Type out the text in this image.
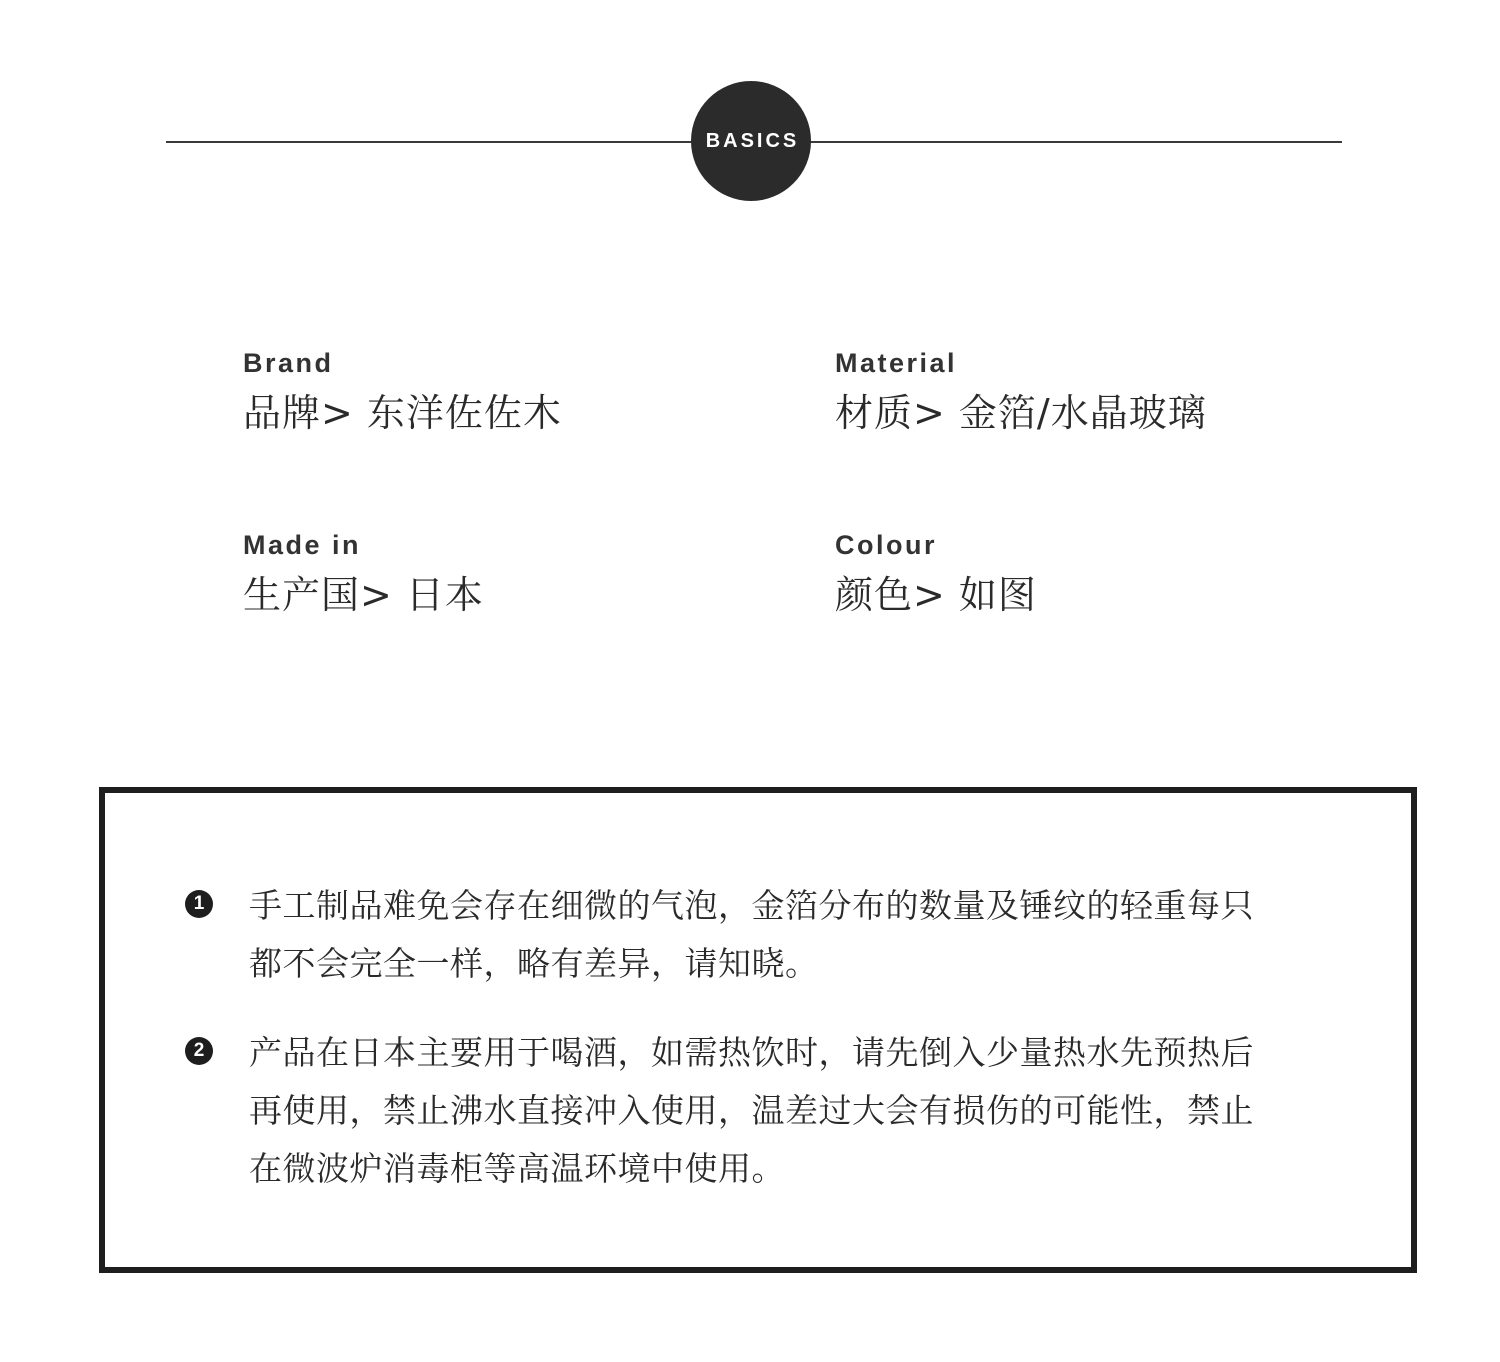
BASICS
Brand
品牌> 东洋佐佐木
Material
材质> 金箔/水晶玻璃
Made in
生产国> 日本
Colour
颜色> 如图
1 手工制品难免会存在细微的气泡，金箔分布的数量及锤纹的轻重每只都不会完全一样，略有差异，请知晓。
2 产品在日本主要用于喝酒，如需热饮时，请先倒入少量热水先预热后再使用，禁止沸水直接冲入使用，温差过大会有损伤的可能性，禁止在微波炉消毒柜等高温环境中使用。
